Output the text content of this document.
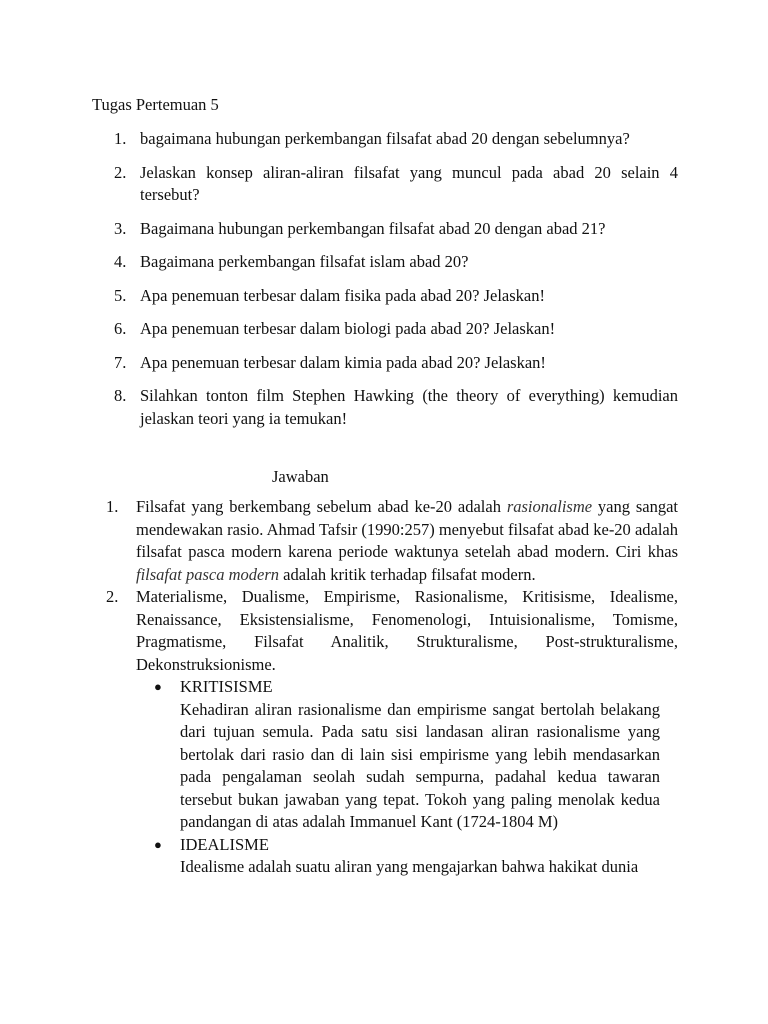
Tugas Pertemuan 5
1. bagaimana hubungan perkembangan filsafat abad 20 dengan sebelumnya?
2. Jelaskan konsep aliran-aliran filsafat yang muncul pada abad 20 selain 4 tersebut?
3. Bagaimana hubungan perkembangan filsafat abad 20 dengan abad 21?
4. Bagaimana perkembangan filsafat islam abad 20?
5. Apa penemuan terbesar dalam fisika pada abad 20? Jelaskan!
6. Apa penemuan terbesar dalam biologi pada abad 20? Jelaskan!
7. Apa penemuan terbesar dalam kimia pada abad 20? Jelaskan!
8. Silahkan tonton film Stephen Hawking (the theory of everything) kemudian jelaskan teori yang ia temukan!
Jawaban
1. Filsafat yang berkembang sebelum abad ke-20 adalah rasionalisme yang sangat mendewakan rasio. Ahmad Tafsir (1990:257) menyebut filsafat abad ke-20 adalah filsafat pasca modern karena periode waktunya setelah abad modern. Ciri khas filsafat pasca modern adalah kritik terhadap filsafat modern.
2. Materialisme, Dualisme, Empirisme, Rasionalisme, Kritisisme, Idealisme, Renaissance, Eksistensialisme, Fenomenologi, Intuisionalisme, Tomisme, Pragmatisme, Filsafat Analitik, Strukturalisme, Post-strukturalisme, Dekonstruksionisme.
● KRITISISME
Kehadiran aliran rasionalisme dan empirisme sangat bertolah belakang dari tujuan semula. Pada satu sisi landasan aliran rasionalisme yang bertolak dari rasio dan di lain sisi empirisme yang lebih mendasarkan pada pengalaman seolah sudah sempurna, padahal kedua tawaran tersebut bukan jawaban yang tepat. Tokoh yang paling menolak kedua pandangan di atas adalah Immanuel Kant (1724-1804 M)
● IDEALISME
Idealisme adalah suatu aliran yang mengajarkan bahwa hakikat dunia
